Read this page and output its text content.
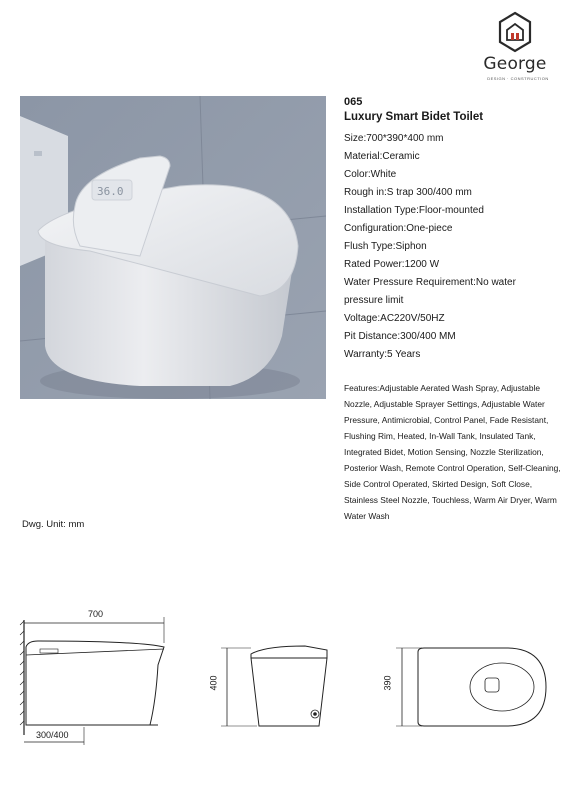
George
DESIGN · CONSTRUCTION
36.0
065
Luxury Smart Bidet Toilet
Size:700*390*400 mm
Material:Ceramic
Color:White
Rough in:S trap 300/400 mm
Installation Type:Floor-mounted
Configuration:One-piece
Flush Type:Siphon
Rated Power:1200 W
Water Pressure Requirement:No water pressure limit
Voltage:AC220V/50HZ
Pit Distance:300/400 MM
Warranty:5 Years
Features:Adjustable Aerated Wash Spray, Adjustable Nozzle, Adjustable Sprayer Settings, Adjustable Water Pressure, Antimicrobial, Control Panel, Fade Resistant, Flushing Rim, Heated, In-Wall Tank, Insulated Tank, Integrated Bidet, Motion Sensing, Nozzle Sterilization, Posterior Wash, Remote Control Operation, Self-Cleaning, Side Control Operated, Skirted Design, Soft Close, Stainless Steel Nozzle, Touchless, Warm Air Dryer, Warm Water Wash
Dwg. Unit: mm
700
300/400
400	390
